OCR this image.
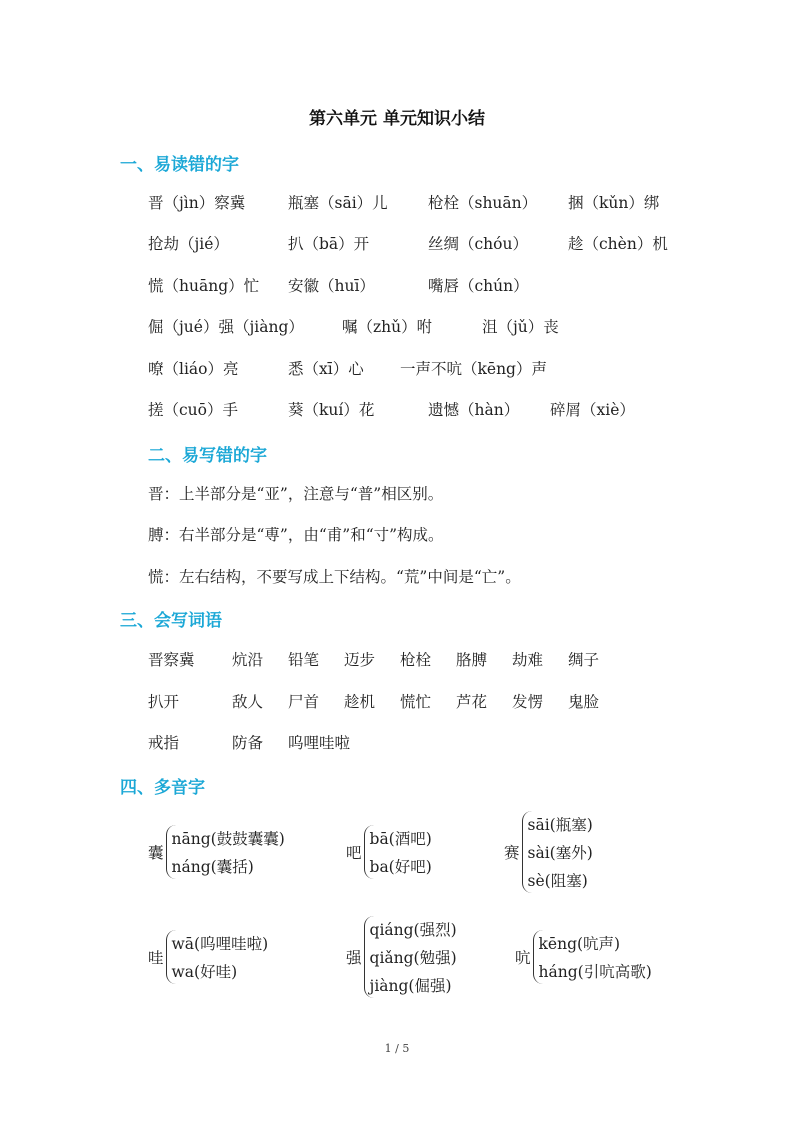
第六单元 单元知识小结
一、易读错的字
晋（jìn）察冀	瓶塞（sāi）儿	枪栓（shuān） 捆（kǔn）绑
抢劫（jié）	扒（bā）开	丝绸（chóu）	趁（chèn）机
慌（huāng）忙 安徽（huī）	嘴唇（chún）
倔（jué）强（jiàng） 嘱（zhǔ）咐	沮（jǔ）丧
嘹（liáo）亮	悉（xī）心 一声不吭（kēng）声
搓（cuō）手	葵（kuí）花	遗憾（hàn） 碎屑（xiè）
二、易写错的字
晋：上半部分是“亚”，注意与“普”相区别。
膊：右半部分是“尃”，由“甫”和“寸”构成。
慌：左右结构，不要写成上下结构。“荒”中间是“亡”。
三、会写词语
晋察冀 炕沿 铅笔 迈步 枪栓 胳膊 劫难 绸子
扒开	敌人 尸首 趁机 慌忙 芦花 发愣 鬼脸
戒指	防备 呜哩哇啦
四、多音字
囊
nāng(鼓鼓囊囊)
náng(囊括)
吧
bā(酒吧)
ba(好吧)
赛
sāi(瓶塞)
sài(塞外)
sè(阻塞)
哇
wā(呜哩哇啦)
wa(好哇)
强
qiáng(强烈)
qiǎng(勉强)
jiàng(倔强)
吭
kēng(吭声)
háng(引吭高歌)
1 / 5
